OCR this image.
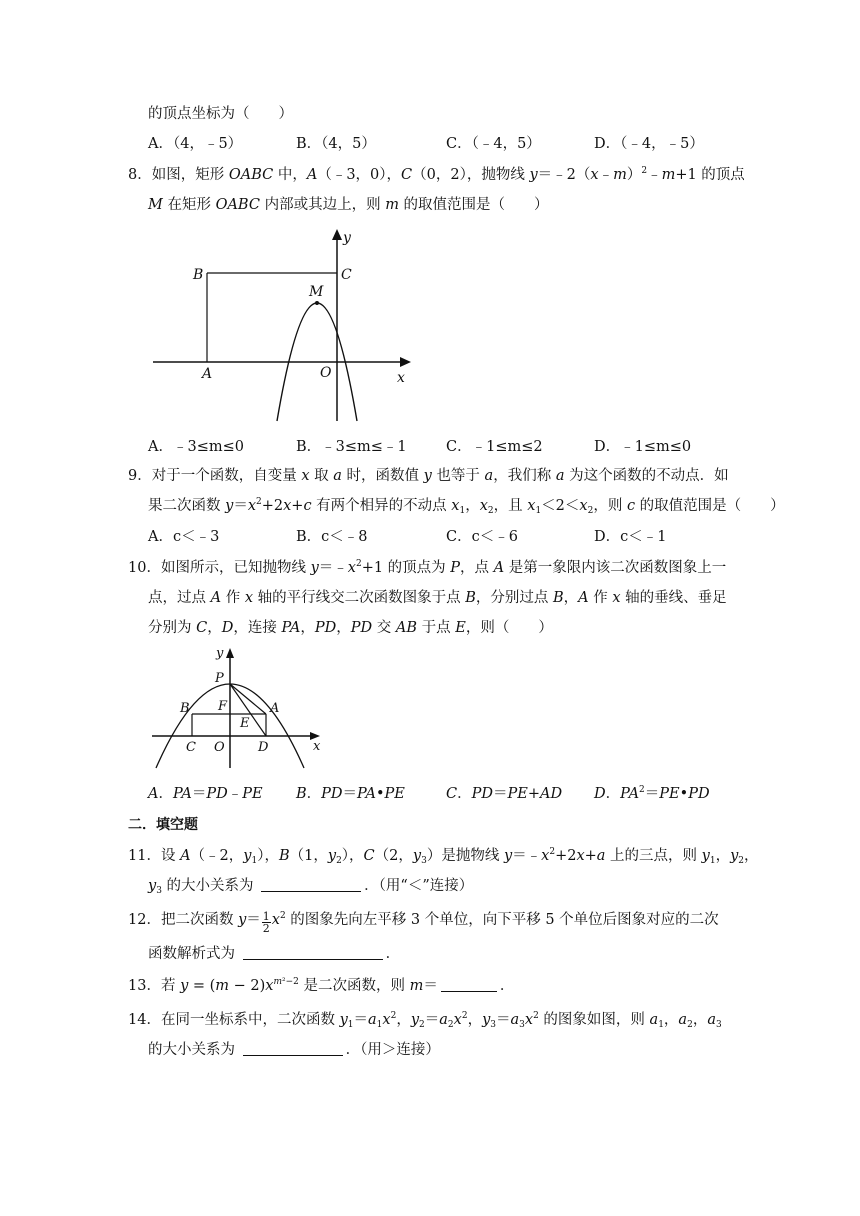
的顶点坐标为（　　）
A．（4，﹣5）	B．（4，5）	C．（﹣4，5）	D．（﹣4，﹣5）
8．如图，矩形 OABC 中，A（﹣3，0），C（0，2），抛物线 y＝﹣2（x﹣m）$^2$﹣m+1 的顶点
M 在矩形 OABC 内部或其边上，则 m 的取值范围是（　　）
B	C
M
A	O	x
y
A．﹣3≤m≤0	B．﹣3≤m≤﹣1	C．﹣1≤m≤2	D．﹣1≤m≤0
9．对于一个函数，自变量 x 取 a 时，函数值 y 也等于 a，我们称 a 为这个函数的不动点．如
果二次函数 $y=x^2+2x+c$ 有两个相异的不动点 $x_1$，$x_2$，且 $x_1<2<x_2$，则 c 的取值范围是（　　）
A．c＜﹣3	B．c＜﹣8	C．c＜﹣6	D．c＜﹣1
10．如图所示，已知抛物线 $y=﹣x^2+1$ 的顶点为 P，点 A 是第一象限内该二次函数图象上一
点，过点 A 作 x 轴的平行线交二次函数图象于点 B，分别过点 B，A 作 x 轴的垂线、垂足
分别为 C，D，连接 PA，PD，PD 交 AB 于点 E，则（　　）
y
P
B F
E
A
C O	D	x
A．PA＝PD﹣PE B．PD＝PA•PE	C．PD＝PE+AD D．$PA^2=PE•PD$
二．填空题
11．设 A（﹣2，$y_1$），B（1，$y_2$），C（2，$y_3$）是抛物线 $y=﹣x^2+2x+a$ 上的三点，则 $y_1$，$y_2$，
$y_3$ 的大小关系为	．（用“＜”连接）
12．把二次函数 $y= \frac{1}{2} x^2$ 的图象先向左平移 3 个单位，向下平移 5 个单位后图象对应的二次
函数解析式为	．
13．若 $y = (m - 2)x^{m^2-2}$ 是二次函数，则 m＝	．
14．在同一坐标系中，二次函数 $y_1=a_1x^2$，$y_2=a_2x^2$，$y_3=a_3x^2$ 的图象如图，则 $a_1$，$a_2$，$a_3$
的大小关系为	．（用＞连接）
